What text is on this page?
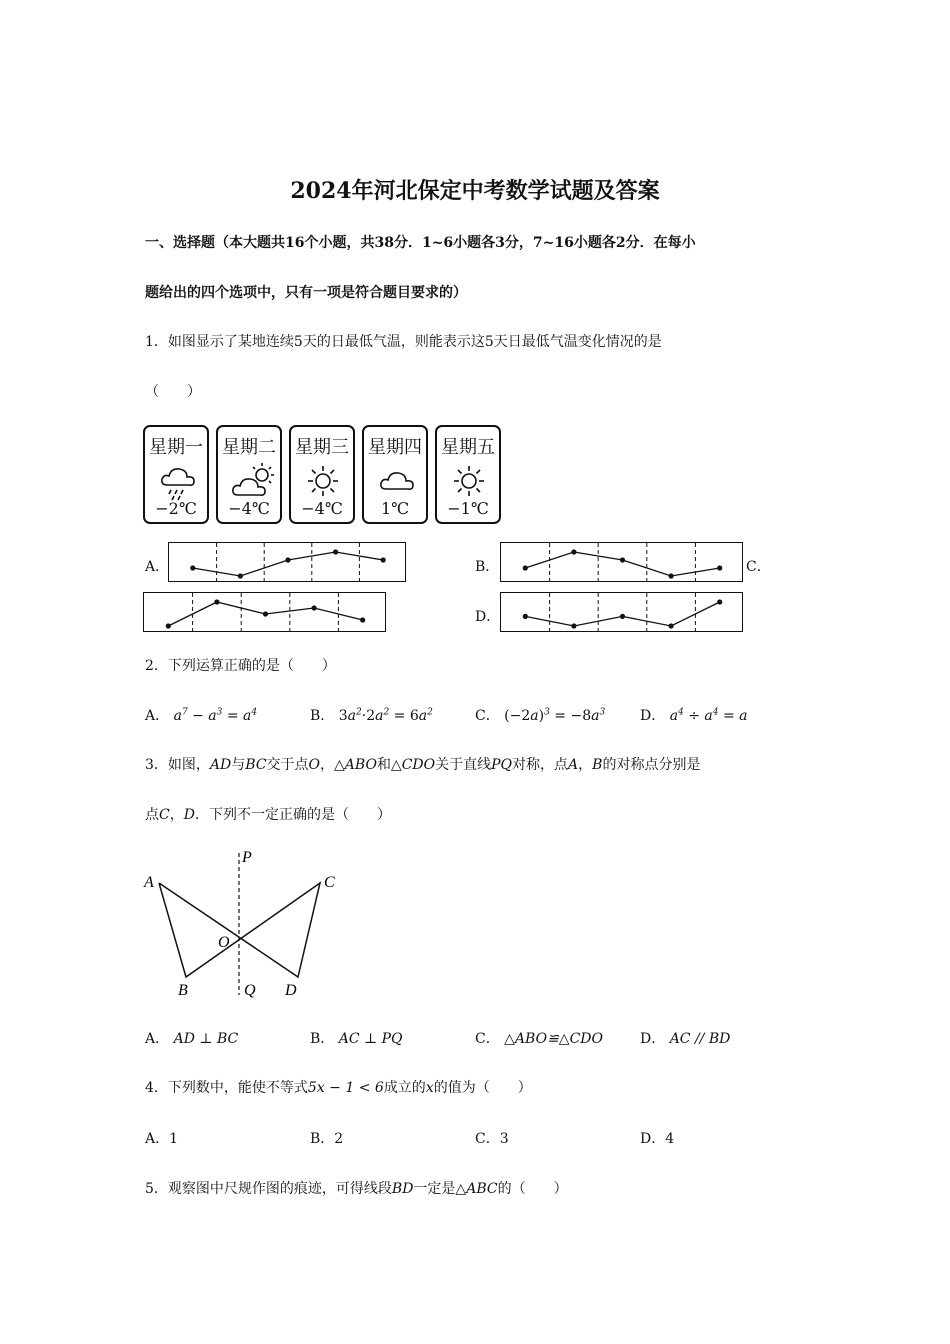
2024年河北保定中考数学试题及答案
一、选择题（本大题共16个小题，共38分．1~6小题各3分，7~16小题各2分．在每小
题给出的四个选项中，只有一项是符合题目要求的）
1．如图显示了某地连续5天的日最低气温，则能表示这5天日最低气温变化情况的是
（　　）
星期一
−2℃
星期二
−4℃
星期三
−4℃
星期四
1℃
星期五
−1℃
A．	B．	C．
D．
2．下列运算正确的是（　　）
A． $a^7 - a^3 = a^4$	B． $3a^2\cdot 2a^2 = 6a^2$	C． $(-2a)^3 = -8a^3$ D． $a^4 \div a^4 = a$
3．如图，AD与BC交于点O，△ABO和△CDO关于直线PQ对称，点A，B的对称点分别是
点C，D．下列不一定正确的是（　　）
P
A	C
O
B	Q D
A． AD ⊥ BC	B． AC ⊥ PQ	C． △ABO≌△CDO	D． AC // BD
4．下列数中，能使不等式5x − 1 < 6成立的x的值为（　　）
A．1	B．2	C．3	D．4
5．观察图中尺规作图的痕迹，可得线段BD一定是△ABC的（　　）
